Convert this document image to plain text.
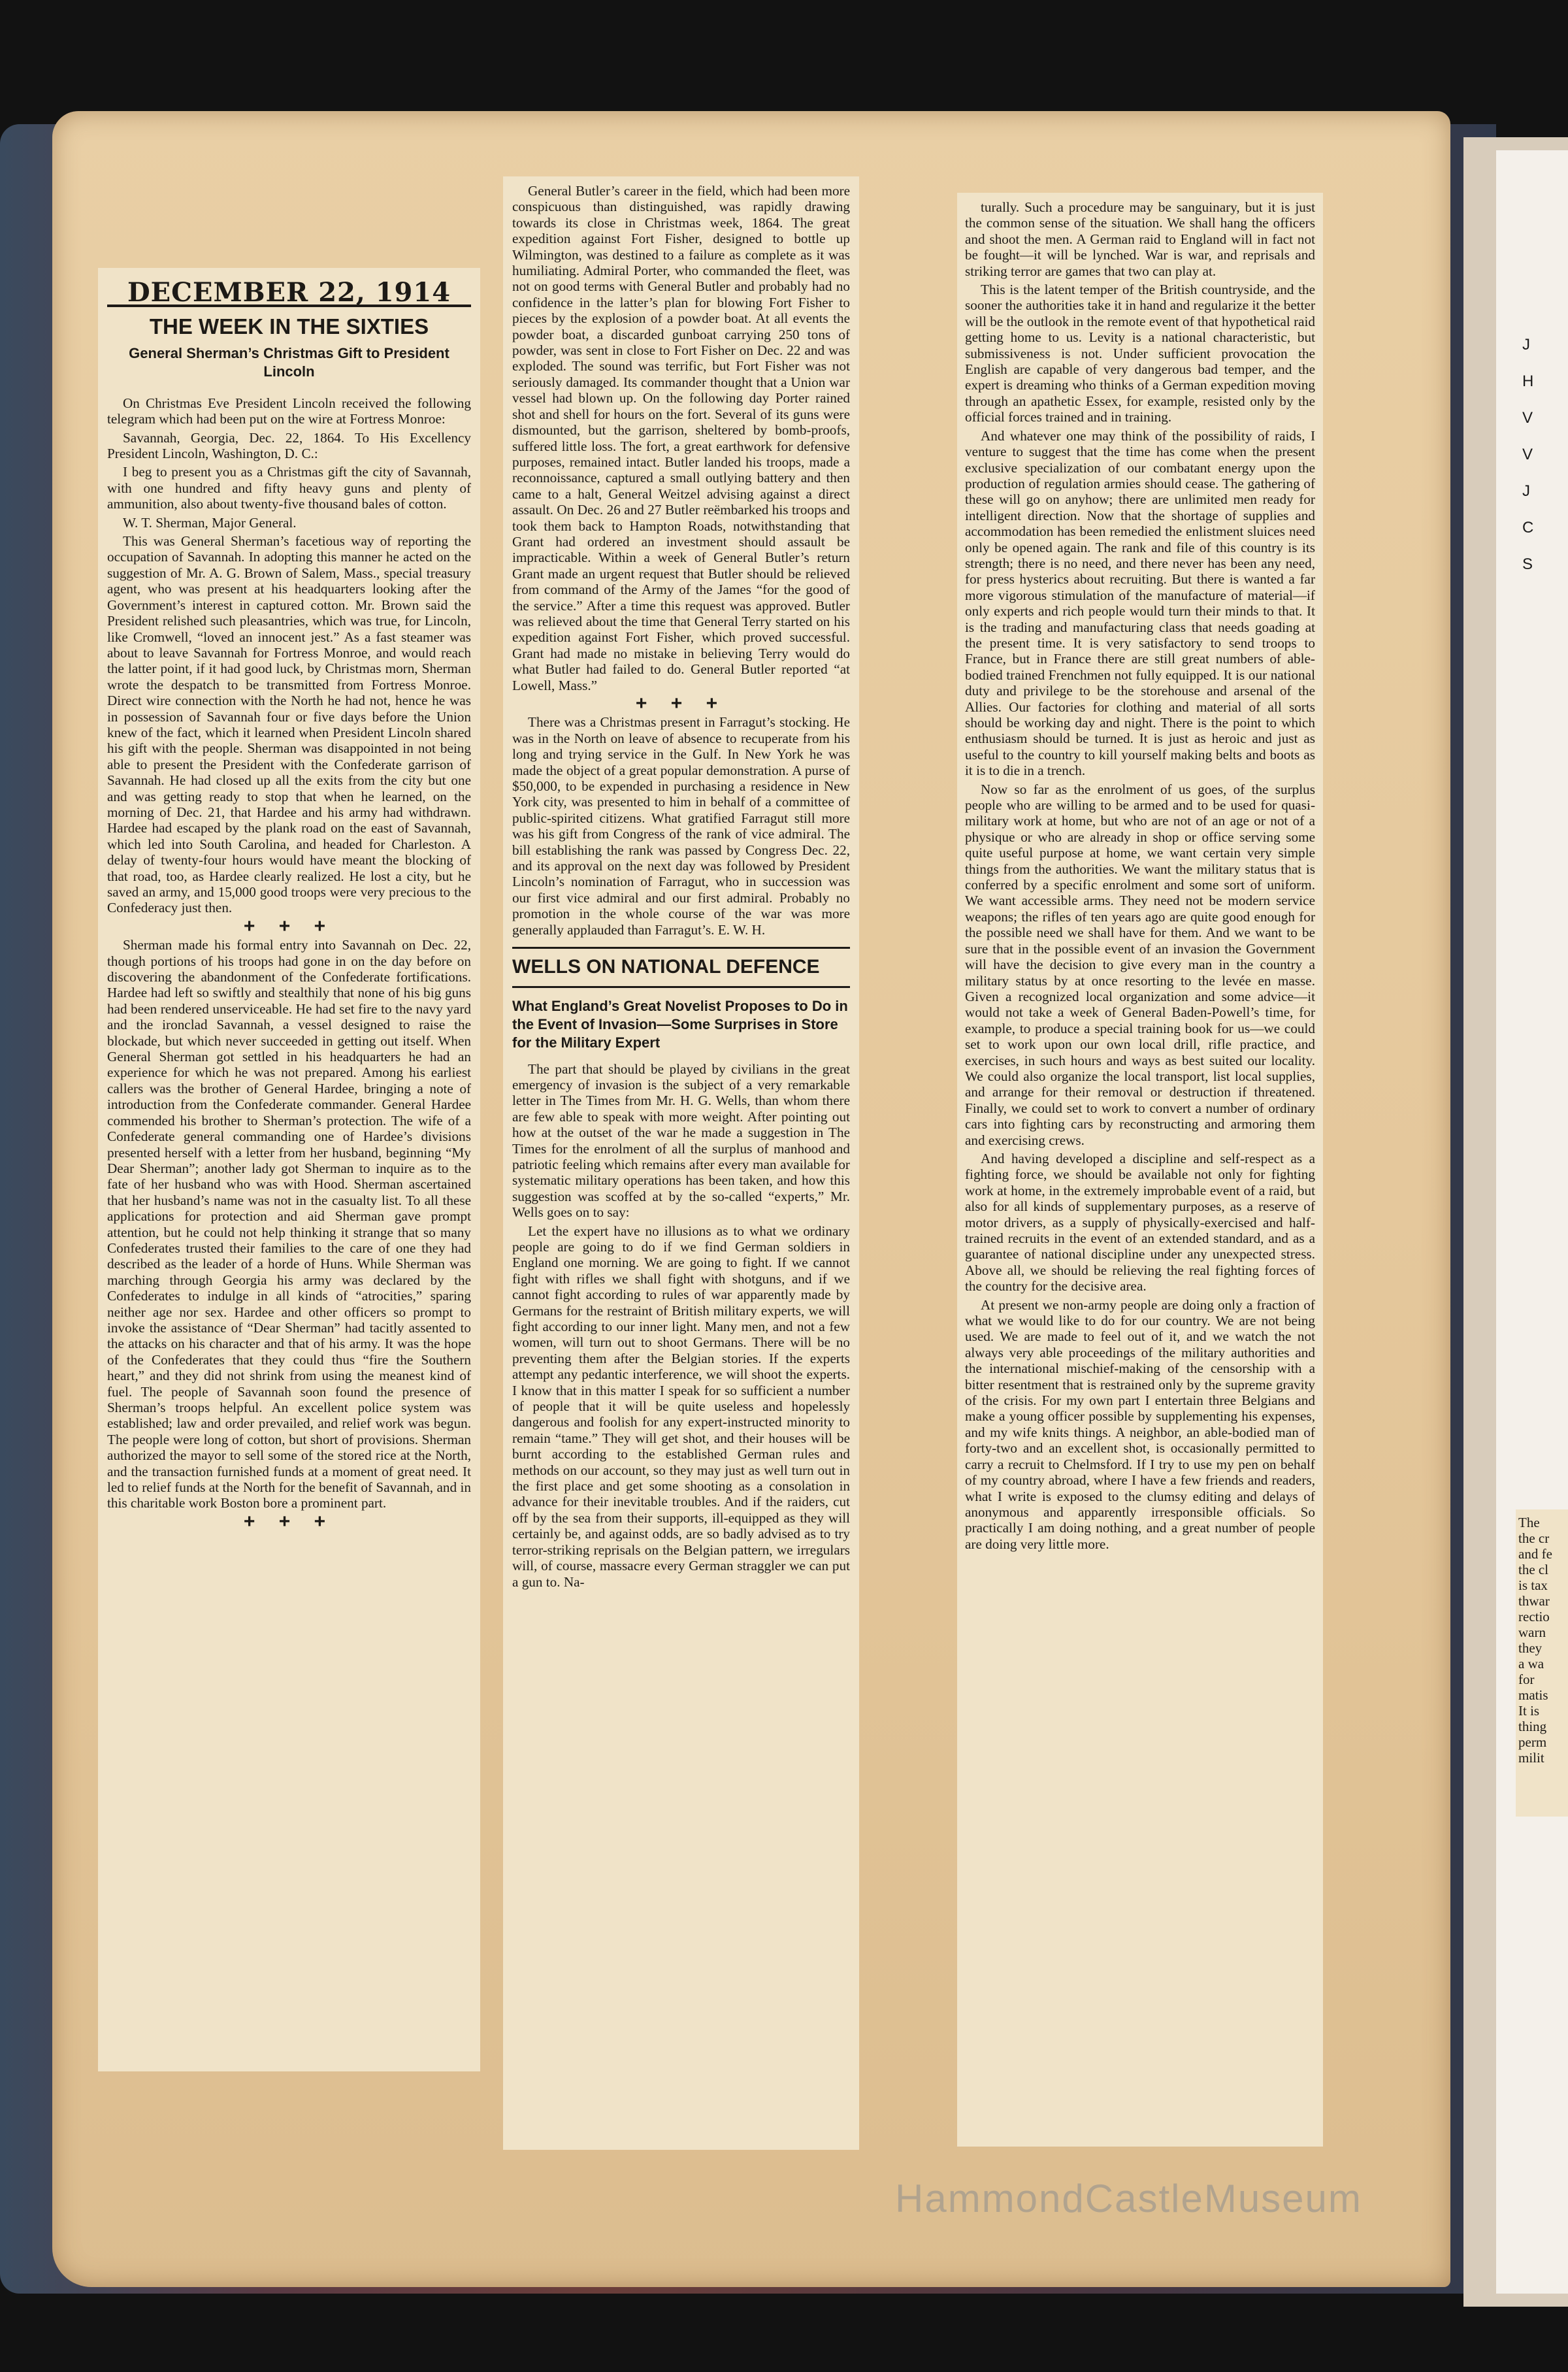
DECEMBER 22, 1914
THE WEEK IN THE SIXTIES
General Sherman’s Christmas Gift to President Lincoln

On Christmas Eve President Lincoln received the following telegram which had been put on the wire at Fortress Monroe:

Savannah, Georgia, Dec. 22, 1864. To His Excellency President Lincoln, Washington, D. C.:

I beg to present you as a Christmas gift the city of Savannah, with one hundred and fifty heavy guns and plenty of ammunition, also about twenty-five thousand bales of cotton.

W. T. Sherman, Major General.

This was General Sherman’s facetious way of reporting the occupation of Savannah. In adopting this manner he acted on the suggestion of Mr. A. G. Brown of Salem, Mass., special treasury agent, who was present at his headquarters looking after the Government’s interest in captured cotton. Mr. Brown said the President relished such pleasantries, which was true, for Lincoln, like Cromwell, “loved an innocent jest.” As a fast steamer was about to leave Savannah for Fortress Monroe, and would reach the latter point, if it had good luck, by Christmas morn, Sherman wrote the despatch to be transmitted from Fortress Monroe. Direct wire connection with the North he had not, hence he was in possession of Savannah four or five days before the Union knew of the fact, which it learned when President Lincoln shared his gift with the people. Sherman was disappointed in not being able to present the President with the Confederate garrison of Savannah. He had closed up all the exits from the city but one and was getting ready to stop that when he learned, on the morning of Dec. 21, that Hardee and his army had withdrawn. Hardee had escaped by the plank road on the east of Savannah, which led into South Carolina, and headed for Charleston. A delay of twenty-four hours would have meant the blocking of that road, too, as Hardee clearly realized. He lost a city, but he saved an army, and 15,000 good troops were very precious to the Confederacy just then.

+ + +

Sherman made his formal entry into Savannah on Dec. 22, though portions of his troops had gone in on the day before on discovering the abandonment of the Confederate fortifications. Hardee had left so swiftly and stealthily that none of his big guns had been rendered unserviceable. He had set fire to the navy yard and the ironclad Savannah, a vessel designed to raise the blockade, but which never succeeded in getting out itself. When General Sherman got settled in his headquarters he had an experience for which he was not prepared. Among his earliest callers was the brother of General Hardee, bringing a note of introduction from the Confederate commander. General Hardee commended his brother to Sherman’s protection. The wife of a Confederate general commanding one of Hardee’s divisions presented herself with a letter from her husband, beginning “My Dear Sherman”; another lady got Sherman to inquire as to the fate of her husband who was with Hood. Sherman ascertained that her husband’s name was not in the casualty list. To all these applications for protection and aid Sherman gave prompt attention, but he could not help thinking it strange that so many Confederates trusted their families to the care of one they had described as the leader of a horde of Huns. While Sherman was marching through Georgia his army was declared by the Confederates to indulge in all kinds of “atrocities,” sparing neither age nor sex. Hardee and other officers so prompt to invoke the assistance of “Dear Sherman” had tacitly assented to the attacks on his character and that of his army. It was the hope of the Confederates that they could thus “fire the Southern heart,” and they did not shrink from using the meanest kind of fuel. The people of Savannah soon found the presence of Sherman’s troops helpful. An excellent police system was established; law and order prevailed, and relief work was begun. The people were long of cotton, but short of provisions. Sherman authorized the mayor to sell some of the stored rice at the North, and the transaction furnished funds at a moment of great need. It led to relief funds at the North for the benefit of Savannah, and in this charitable work Boston bore a prominent part.

+ + +

General Butler’s career in the field, which had been more conspicuous than distinguished, was rapidly drawing towards its close in Christmas week, 1864. The great expedition against Fort Fisher, designed to bottle up Wilmington, was destined to a failure as complete as it was humiliating. Admiral Porter, who commanded the fleet, was not on good terms with General Butler and probably had no confidence in the latter’s plan for blowing Fort Fisher to pieces by the explosion of a powder boat. At all events the powder boat, a discarded gunboat carrying 250 tons of powder, was sent in close to Fort Fisher on Dec. 22 and was exploded. The sound was terrific, but Fort Fisher was not seriously damaged. Its commander thought that a Union war vessel had blown up. On the following day Porter rained shot and shell for hours on the fort. Several of its guns were dismounted, but the garrison, sheltered by bomb-proofs, suffered little loss. The fort, a great earthwork for defensive purposes, remained intact. Butler landed his troops, made a reconnoissance, captured a small outlying battery and then came to a halt, General Weitzel advising against a direct assault. On Dec. 26 and 27 Butler reëmbarked his troops and took them back to Hampton Roads, notwithstanding that Grant had ordered an investment should assault be impracticable. Within a week of General Butler’s return Grant made an urgent request that Butler should be relieved from command of the Army of the James “for the good of the service.” After a time this request was approved. Butler was relieved about the time that General Terry started on his expedition against Fort Fisher, which proved successful. Grant had made no mistake in believing Terry would do what Butler had failed to do. General Butler reported “at Lowell, Mass.”

+ + +

There was a Christmas present in Farragut’s stocking. He was in the North on leave of absence to recuperate from his long and trying service in the Gulf. In New York he was made the object of a great popular demonstration. A purse of $50,000, to be expended in purchasing a residence in New York city, was presented to him in behalf of a committee of public-spirited citizens. What gratified Farragut still more was his gift from Congress of the rank of vice admiral. The bill establishing the rank was passed by Congress Dec. 22, and its approval on the next day was followed by President Lincoln’s nomination of Farragut, who in succession was our first vice admiral and our first admiral. Probably no promotion in the whole course of the war was more generally applauded than Farragut’s. E. W. H.

WELLS ON NATIONAL DEFENCE
What England’s Great Novelist Proposes to Do in the Event of Invasion—Some Surprises in Store for the Military Expert

The part that should be played by civilians in the great emergency of invasion is the subject of a very remarkable letter in The Times from Mr. H. G. Wells, than whom there are few able to speak with more weight. After pointing out how at the outset of the war he made a suggestion in The Times for the enrolment of all the surplus of manhood and patriotic feeling which remains after every man available for systematic military operations has been taken, and how this suggestion was scoffed at by the so-called “experts,” Mr. Wells goes on to say:

Let the expert have no illusions as to what we ordinary people are going to do if we find German soldiers in England one morning. We are going to fight. If we cannot fight with rifles we shall fight with shotguns, and if we cannot fight according to rules of war apparently made by Germans for the restraint of British military experts, we will fight according to our inner light. Many men, and not a few women, will turn out to shoot Germans. There will be no preventing them after the Belgian stories. If the experts attempt any pedantic interference, we will shoot the experts. I know that in this matter I speak for so sufficient a number of people that it will be quite useless and hopelessly dangerous and foolish for any expert-instructed minority to remain “tame.” They will get shot, and their houses will be burnt according to the established German rules and methods on our account, so they may just as well turn out in the first place and get some shooting as a consolation in advance for their inevitable troubles. And if the raiders, cut off by the sea from their supports, ill-equipped as they will certainly be, and against odds, are so badly advised as to try terror-striking reprisals on the Belgian pattern, we irregulars will, of course, massacre every German straggler we can put a gun to. Na-

turally. Such a procedure may be sanguinary, but it is just the common sense of the situation. We shall hang the officers and shoot the men. A German raid to England will in fact not be fought—it will be lynched. War is war, and reprisals and striking terror are games that two can play at.

This is the latent temper of the British countryside, and the sooner the authorities take it in hand and regularize it the better will be the outlook in the remote event of that hypothetical raid getting home to us. Levity is a national characteristic, but submissiveness is not. Under sufficient provocation the English are capable of very dangerous bad temper, and the expert is dreaming who thinks of a German expedition moving through an apathetic Essex, for example, resisted only by the official forces trained and in training.

And whatever one may think of the possibility of raids, I venture to suggest that the time has come when the present exclusive specialization of our combatant energy upon the production of regulation armies should cease. The gathering of these will go on anyhow; there are unlimited men ready for intelligent direction. Now that the shortage of supplies and accommodation has been remedied the enlistment sluices need only be opened again. The rank and file of this country is its strength; there is no need, and there never has been any need, for press hysterics about recruiting. But there is wanted a far more vigorous stimulation of the manufacture of material—if only experts and rich people would turn their minds to that. It is the trading and manufacturing class that needs goading at the present time. It is very satisfactory to send troops to France, but in France there are still great numbers of able-bodied trained Frenchmen not fully equipped. It is our national duty and privilege to be the storehouse and arsenal of the Allies. Our factories for clothing and material of all sorts should be working day and night. There is the point to which enthusiasm should be turned. It is just as heroic and just as useful to the country to kill yourself making belts and boots as it is to die in a trench.

Now so far as the enrolment of us goes, of the surplus people who are willing to be armed and to be used for quasi-military work at home, but who are not of an age or not of a physique or who are already in shop or office serving some quite useful purpose at home, we want certain very simple things from the authorities. We want the military status that is conferred by a specific enrolment and some sort of uniform. We want accessible arms. They need not be modern service weapons; the rifles of ten years ago are quite good enough for the possible need we shall have for them. And we want to be sure that in the possible event of an invasion the Government will have the decision to give every man in the country a military status by at once resorting to the levée en masse. Given a recognized local organization and some advice—it would not take a week of General Baden-Powell’s time, for example, to produce a special training book for us—we could set to work upon our own local drill, rifle practice, and exercises, in such hours and ways as best suited our locality. We could also organize the local transport, list local supplies, and arrange for their removal or destruction if threatened. Finally, we could set to work to convert a number of ordinary cars into fighting cars by reconstructing and armoring them and exercising crews.

And having developed a discipline and self-respect as a fighting force, we should be available not only for fighting work at home, in the extremely improbable event of a raid, but also for all kinds of supplementary purposes, as a reserve of motor drivers, as a supply of physically-exercised and half-trained recruits in the event of an extended standard, and as a guarantee of national discipline under any unexpected stress. Above all, we should be relieving the real fighting forces of the country for the decisive area.

At present we non-army people are doing only a fraction of what we would like to do for our country. We are not being used. We are made to feel out of it, and we watch the not always very able proceedings of the military authorities and the international mischief-making of the censorship with a bitter resentment that is restrained only by the supreme gravity of the crisis. For my own part I entertain three Belgians and make a young officer possible by supplementing his expenses, and my wife knits things. A neighbor, an able-bodied man of forty-two and an excellent shot, is occasionally permitted to carry a recruit to Chelmsford. If I try to use my pen on behalf of my country abroad, where I have a few friends and readers, what I write is exposed to the clumsy editing and delays of anonymous and apparently irresponsible officials. So practically I am doing nothing, and a great number of people are doing very little more.

The
the cr
and fe
the cl
is tax
thwar
rectio
warn
they
a wa
for
matis
It is
thing
perm
milit
J
H
V
V
J
C
S
HammondCastleMuseum
